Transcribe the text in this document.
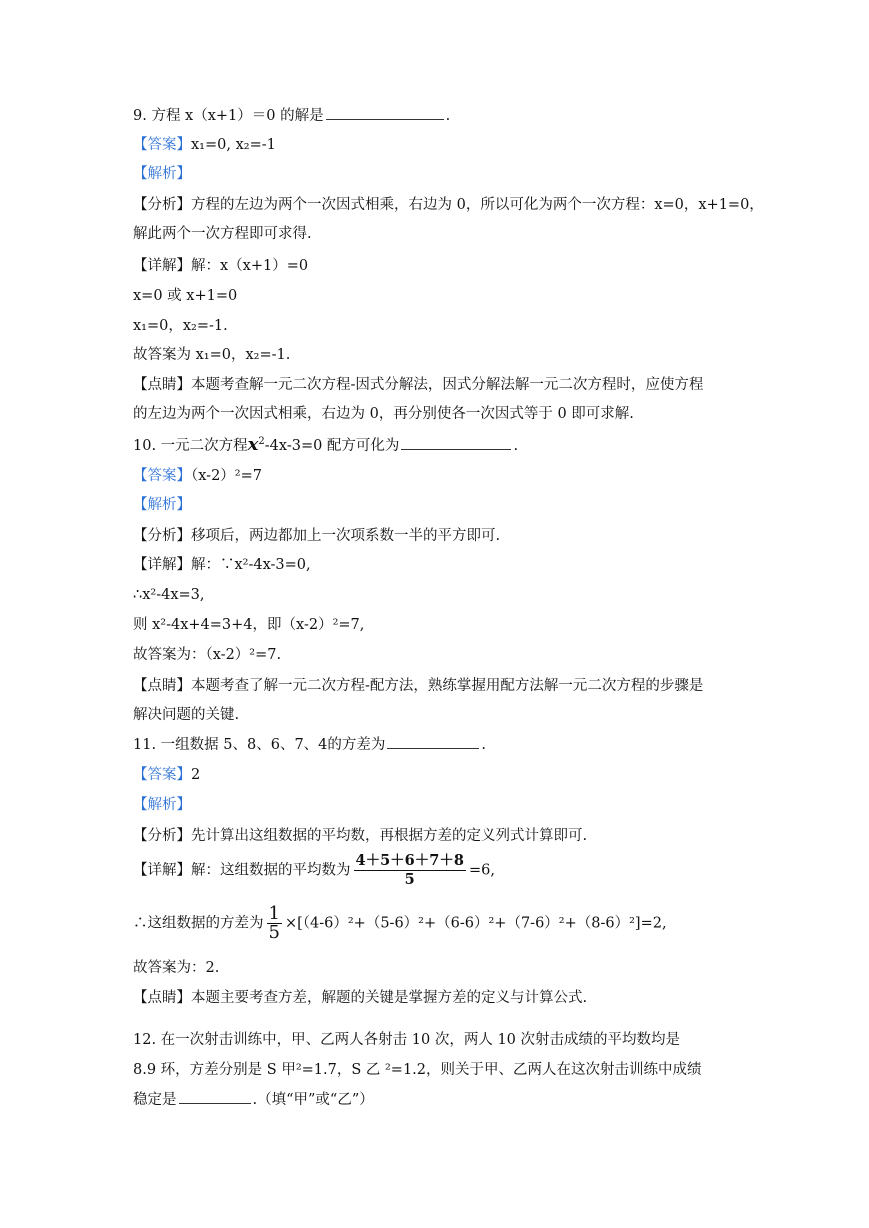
9. 方程 x（x+1）＝0 的解是	.
【答案】x₁=0, x₂=-1
【解析】
【分析】方程的左边为两个一次因式相乘，右边为 0，所以可化为两个一次方程：x=0，x+1=0，
解此两个一次方程即可求得.
【详解】解：x（x+1）=0
x=0 或 x+1=0
x₁=0，x₂=-1.
故答案为 x₁=0，x₂=-1.
【点睛】本题考查解一元二次方程-因式分解法，因式分解法解一元二次方程时，应使方程
的左边为两个一次因式相乘，右边为 0，再分别使各一次因式等于 0 即可求解.
10. 一元二次方程$x^2-4x-3=0$ 配方可化为	.
【答案】（x-2）²=7
【解析】
【分析】移项后，两边都加上一次项系数一半的平方即可.
【详解】解：∵x²-4x-3=0,
∴x²-4x=3,
则 x²-4x+4=3+4，即（x-2）²=7,
故答案为：（x-2）²=7.
【点睛】本题考查了解一元二次方程-配方法，熟练掌握用配方法解一元二次方程的步骤是
解决问题的关键.
11. 一组数据 5、8、6、7、4的方差为	.
【答案】2
【解析】
【分析】先计算出这组数据的平均数，再根据方差的定义列式计算即可.
【详解】解：这组数据的平均数为 $\frac{4+5+6+7+8}{5} =6$,
∴这组数据的方差为 $\frac{1}{5} \times[(4-6)^2+(5-6)^2+(6-6)^2+(7-6)^2+(8-6)^2]=2$,
故答案为：2.
【点睛】本题主要考查方差，解题的关键是掌握方差的定义与计算公式.
12. 在一次射击训练中，甲、乙两人各射击 10 次，两人 10 次射击成绩的平均数均是
8.9 环，方差分别是 S 甲²=1.7，S 乙 ²=1.2，则关于甲、乙两人在这次射击训练中成绩
稳定是	.（填“甲”或“乙”）
